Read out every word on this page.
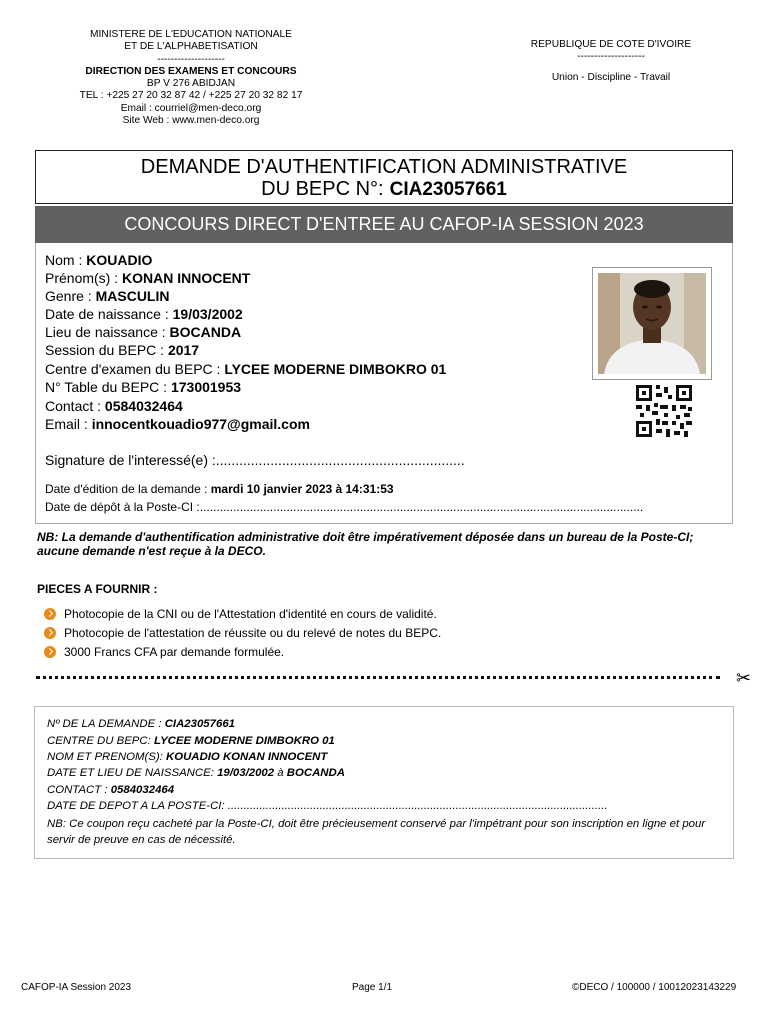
MINISTERE DE L'EDUCATION NATIONALE
ET DE L'ALPHABETISATION
--------------------
DIRECTION DES EXAMENS ET CONCOURS
BP V 276 ABIDJAN
TEL : +225 27 20 32 87 42 / +225 27 20 32 82 17
Email : courriel@men-deco.org
Site Web : www.men-deco.org
REPUBLIQUE DE COTE D'IVOIRE
--------------------
Union - Discipline - Travail
DEMANDE D'AUTHENTIFICATION ADMINISTRATIVE
DU BEPC N°: CIA23057661
CONCOURS DIRECT D'ENTREE AU CAFOP-IA SESSION 2023
Nom : KOUADIO
Prénom(s) : KONAN INNOCENT
Genre : MASCULIN
Date de naissance : 19/03/2002
Lieu de naissance : BOCANDA
Session du BEPC : 2017
Centre d'examen du BEPC : LYCEE MODERNE DIMBOKRO 01
N° Table du BEPC : 173001953
Contact : 0584032464
Email : innocentkouadio977@gmail.com
Signature de l'interessé(e) :................................................................
Date d'édition de la demande : mardi 10 janvier 2023 à 14:31:53
Date de dépôt à la Poste-CI :.....................................................................................................................................
NB: La demande d'authentification administrative doit être impérativement déposée dans un bureau de la Poste-CI; aucune demande n'est reçue à la DECO.
PIECES A FOURNIR :
Photocopie de la CNI ou de l'Attestation d'identité en cours de validité.
Photocopie de l'attestation de réussite ou du relevé de notes du BEPC.
3000 Francs CFA par demande formulée.
✂
Nº DE LA DEMANDE : CIA23057661
CENTRE DU BEPC: LYCEE MODERNE DIMBOKRO 01
NOM ET PRENOM(S): KOUADIO KONAN INNOCENT
DATE ET LIEU DE NAISSANCE: 19/03/2002 à BOCANDA
CONTACT : 0584032464
DATE DE DEPOT A LA POSTE-CI: ........................................................................................................................
NB: Ce coupon reçu cacheté par la Poste-CI, doit être précieusement conservé par l'impétrant pour son inscription en ligne et pour servir de preuve en cas de nécessité.
CAFOP-IA Session 2023	Page 1/1	©DECO / 100000 / 10012023143229
